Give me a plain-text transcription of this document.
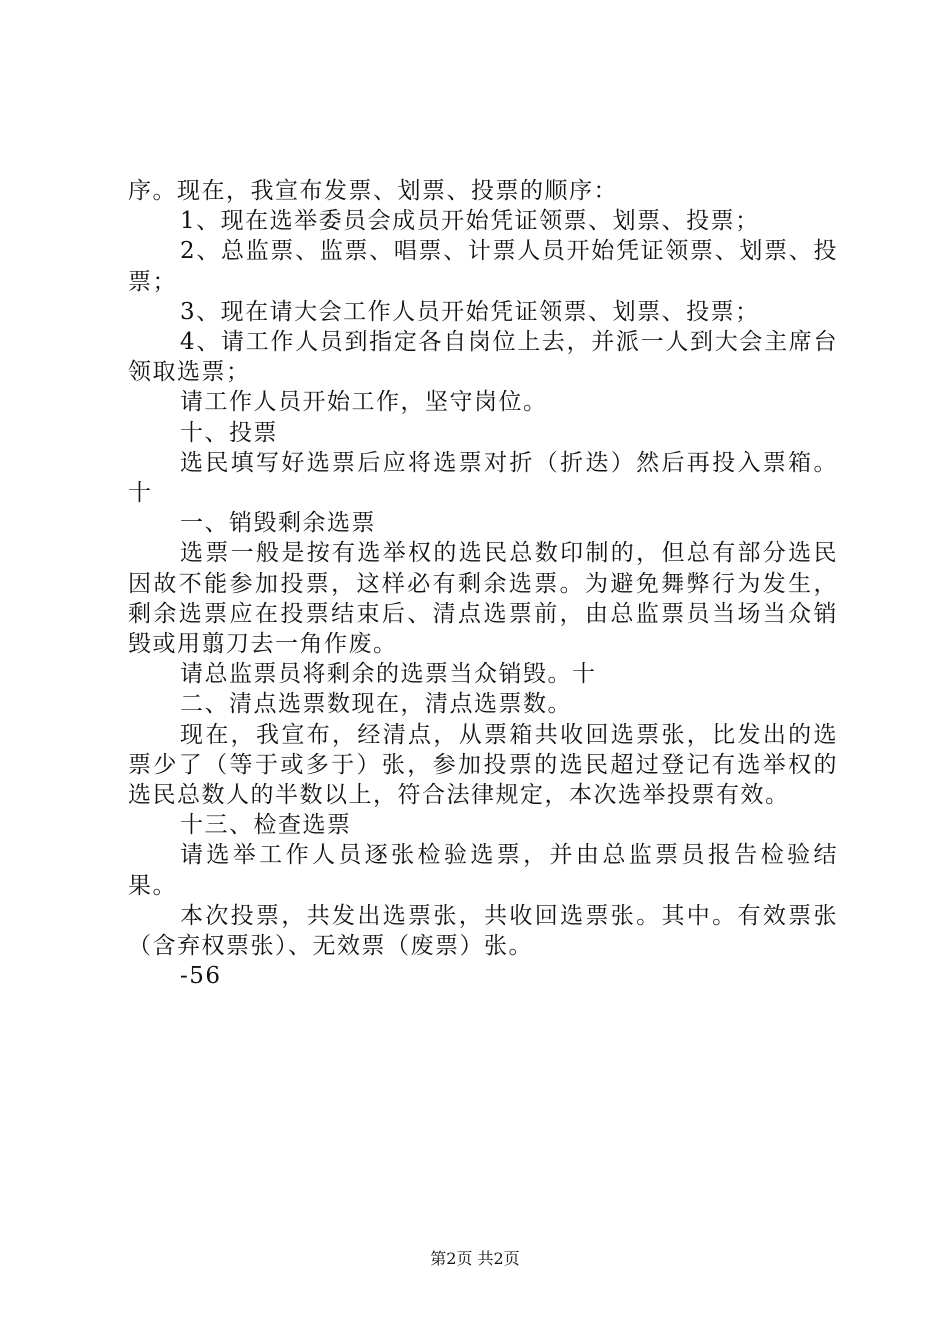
序。现在，我宣布发票、划票、投票的顺序：

1、现在选举委员会成员开始凭证领票、划票、投票；

2、总监票、监票、唱票、计票人员开始凭证领票、划票、投票；

3、现在请大会工作人员开始凭证领票、划票、投票；

4、请工作人员到指定各自岗位上去，并派一人到大会主席台领取选票；

请工作人员开始工作，坚守岗位。

十、投票

选民填写好选票后应将选票对折（折迭）然后再投入票箱。十

一、销毁剩余选票

选票一般是按有选举权的选民总数印制的，但总有部分选民因故不能参加投票，这样必有剩余选票。为避免舞弊行为发生，剩余选票应在投票结束后、清点选票前，由总监票员当场当众销毁或用翦刀去一角作废。

请总监票员将剩余的选票当众销毁。十

二、清点选票数现在，清点选票数。

现在，我宣布，经清点，从票箱共收回选票张，比发出的选票少了（等于或多于）张，参加投票的选民超过登记有选举权的选民总数人的半数以上，符合法律规定，本次选举投票有效。

十三、检查选票

请选举工作人员逐张检验选票，并由总监票员报告检验结果。

本次投票，共发出选票张，共收回选票张。其中。有效票张（含弃权票张）、无效票（废票）张。

-56

第2页 共2页
